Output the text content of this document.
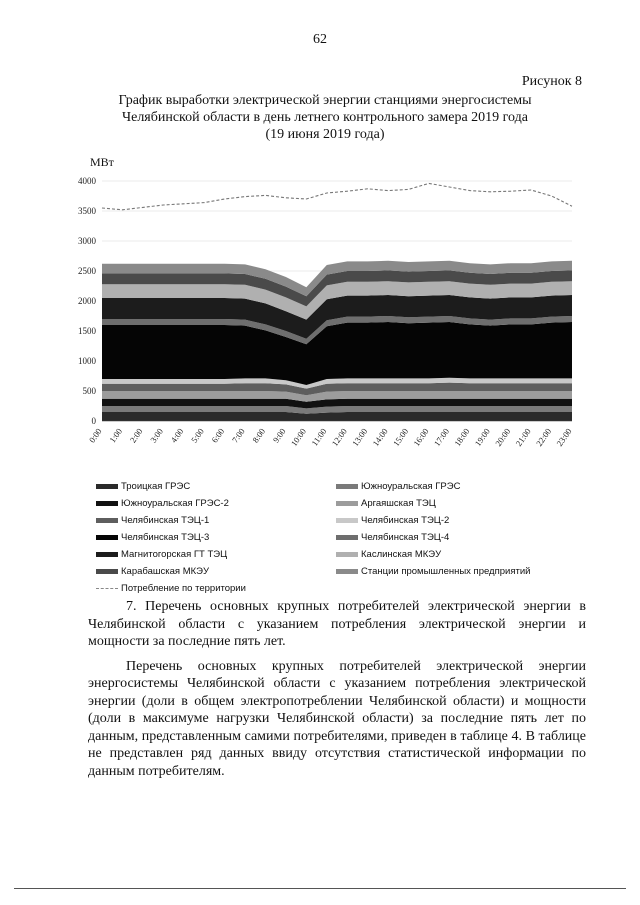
62
Рисунок 8
График выработки электрической энергии станциями энергосистемы
Челябинской области в день летнего контрольного замера 2019 года
(19 июня 2019 года)
МВт
0
500
1000
1500
2000
2500
3000
3500
4000
0:00 1:00 2:00 3:00 4:00 5:00 6:00 7:00 8:00 9:00 10:00 11:00 12:00 13:00 14:00 15:00 16:00 17:00 18:00 19:00 20:00 21:00 22:00 23:00
Троицкая ГРЭС	Южноуральская ГРЭС
Южноуральская ГРЭС-2	Аргаяшская ТЭЦ
Челябинская ТЭЦ-1	Челябинская ТЭЦ-2
Челябинская ТЭЦ-3	Челябинская ТЭЦ-4
Магнитогорская ГТ ТЭЦ	Каслинская МКЭУ
Карабашская МКЭУ	Станции промышленных предприятий
Потребление по территории

7. Перечень основных крупных потребителей электрической энергии в Челябинской области с указанием потребления электрической энергии и мощности за последние пять лет.

Перечень основных крупных потребителей электрической энергии энергосистемы Челябинской области с указанием потребления электрической энергии (доли в общем электропотреблении Челябинской области) и мощности (доли в максимуме нагрузки Челябинской области) за последние пять лет по данным, представленным самими потребителями, приведен в таблице 4. В таблице не представлен ряд данных ввиду отсутствия статистической информации по данным потребителям.
